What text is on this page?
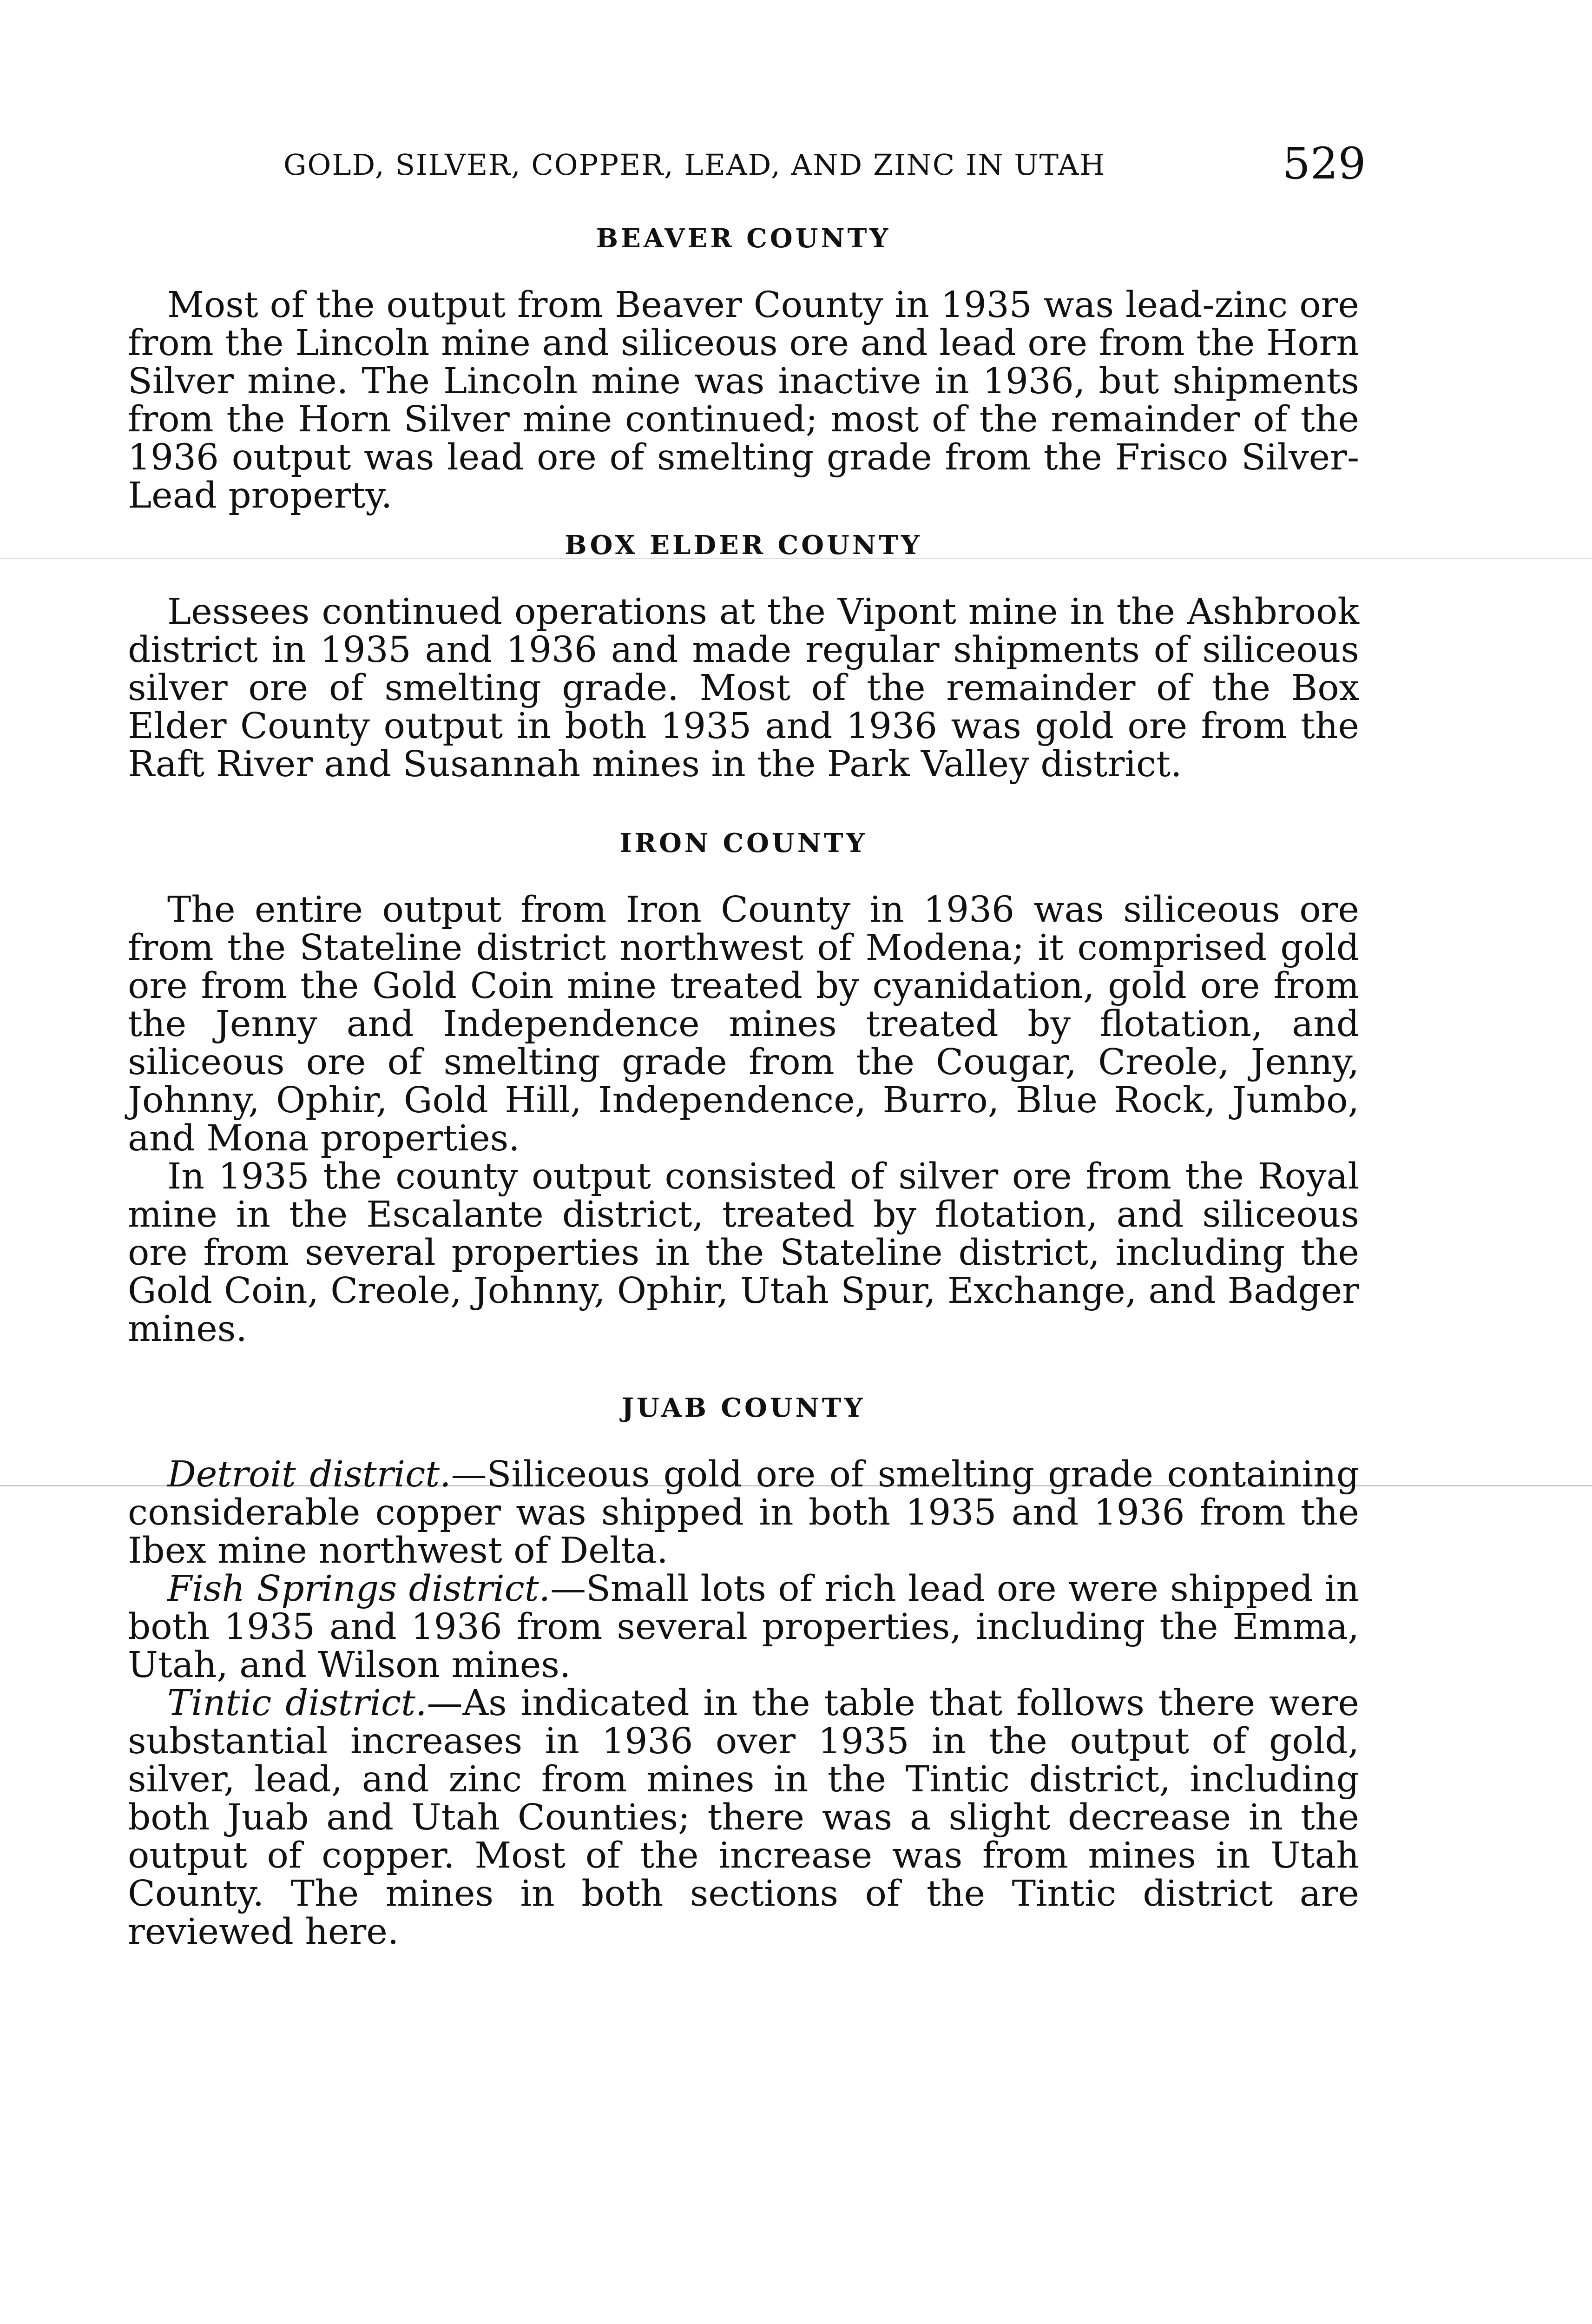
GOLD, SILVER, COPPER, LEAD, AND ZINC IN UTAH	529
BEAVER COUNTY

Most of the output from Beaver County in 1935 was lead-zinc ore from the Lincoln mine and siliceous ore and lead ore from the Horn Silver mine. The Lincoln mine was inactive in 1936, but shipments from the Horn Silver mine continued; most of the remainder of the 1936 output was lead ore of smelting grade from the Frisco Silver-Lead property.

BOX ELDER COUNTY

Lessees continued operations at the Vipont mine in the Ashbrook district in 1935 and 1936 and made regular shipments of siliceous silver ore of smelting grade. Most of the remainder of the Box Elder County output in both 1935 and 1936 was gold ore from the Raft River and Susannah mines in the Park Valley district.

IRON COUNTY

The entire output from Iron County in 1936 was siliceous ore from the Stateline district northwest of Modena; it comprised gold ore from the Gold Coin mine treated by cyanidation, gold ore from the Jenny and Independence mines treated by flotation, and siliceous ore of smelting grade from the Cougar, Creole, Jenny, Johnny, Ophir, Gold Hill, Independence, Burro, Blue Rock, Jumbo, and Mona properties.

In 1935 the county output consisted of silver ore from the Royal mine in the Escalante district, treated by flotation, and siliceous ore from several properties in the Stateline district, including the Gold Coin, Creole, Johnny, Ophir, Utah Spur, Exchange, and Badger mines.

JUAB COUNTY

Detroit district.—Siliceous gold ore of smelting grade containing considerable copper was shipped in both 1935 and 1936 from the Ibex mine northwest of Delta.

Fish Springs district.—Small lots of rich lead ore were shipped in both 1935 and 1936 from several properties, including the Emma, Utah, and Wilson mines.

Tintic district.—As indicated in the table that follows there were substantial increases in 1936 over 1935 in the output of gold, silver, lead, and zinc from mines in the Tintic district, including both Juab and Utah Counties; there was a slight decrease in the output of copper. Most of the increase was from mines in Utah County. The mines in both sections of the Tintic district are reviewed here.
